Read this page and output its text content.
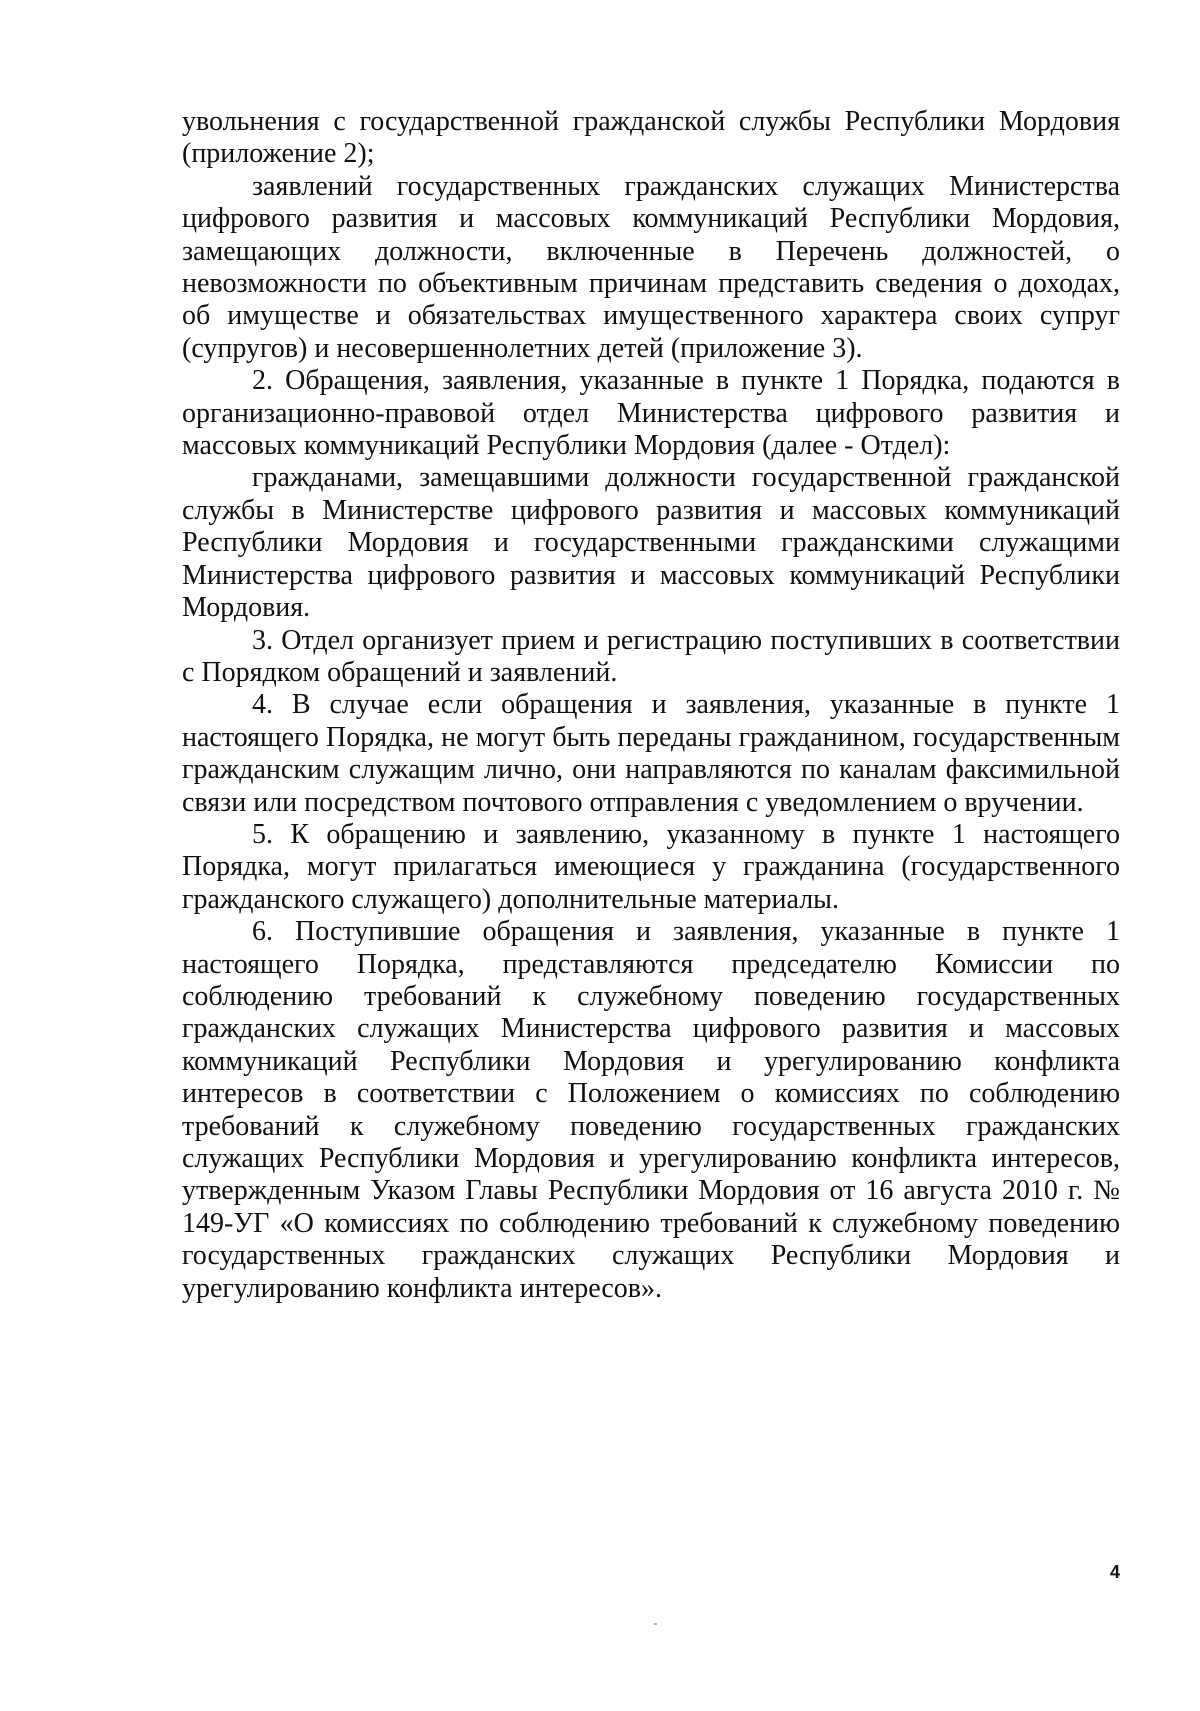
увольнения с государственной гражданской службы Республики Мордовия (приложение 2);

заявлений государственных гражданских служащих Министерства цифрового развития и массовых коммуникаций Республики Мордовия, замещающих должности, включенные в Перечень должностей, о невозможности по объективным причинам представить сведения о доходах, об имуществе и обязательствах имущественного характера своих супруг (супругов) и несовершеннолетних детей (приложение 3).

2. Обращения, заявления, указанные в пункте 1 Порядка, подаются в организационно-правовой отдел Министерства цифрового развития и массовых коммуникаций Республики Мордовия (далее - Отдел):

гражданами, замещавшими должности государственной гражданской службы в Министерстве цифрового развития и массовых коммуникаций Республики Мордовия и государственными гражданскими служащими Министерства цифрового развития и массовых коммуникаций Республики Мордовия.

3. Отдел организует прием и регистрацию поступивших в соответствии с Порядком обращений и заявлений.

4. В случае если обращения и заявления, указанные в пункте 1 настоящего Порядка, не могут быть переданы гражданином, государственным гражданским служащим лично, они направляются по каналам факсимильной связи или посредством почтового отправления с уведомлением о вручении.

5. К обращению и заявлению, указанному в пункте 1 настоящего Порядка, могут прилагаться имеющиеся у гражданина (государственного гражданского служащего) дополнительные материалы.

6. Поступившие обращения и заявления, указанные в пункте 1 настоящего Порядка, представляются председателю Комиссии по соблюдению требований к служебному поведению государственных гражданских служащих Министерства цифрового развития и массовых коммуникаций Республики Мордовия и урегулированию конфликта интересов в соответствии с Положением о комиссиях по соблюдению требований к служебному поведению государственных гражданских служащих Республики Мордовия и урегулированию конфликта интересов, утвержденным Указом Главы Республики Мордовия от 16 августа 2010 г. № 149-УГ «О комиссиях по соблюдению требований к служебному поведению государственных гражданских служащих Республики Мордовия и урегулированию конфликта интересов».

4
